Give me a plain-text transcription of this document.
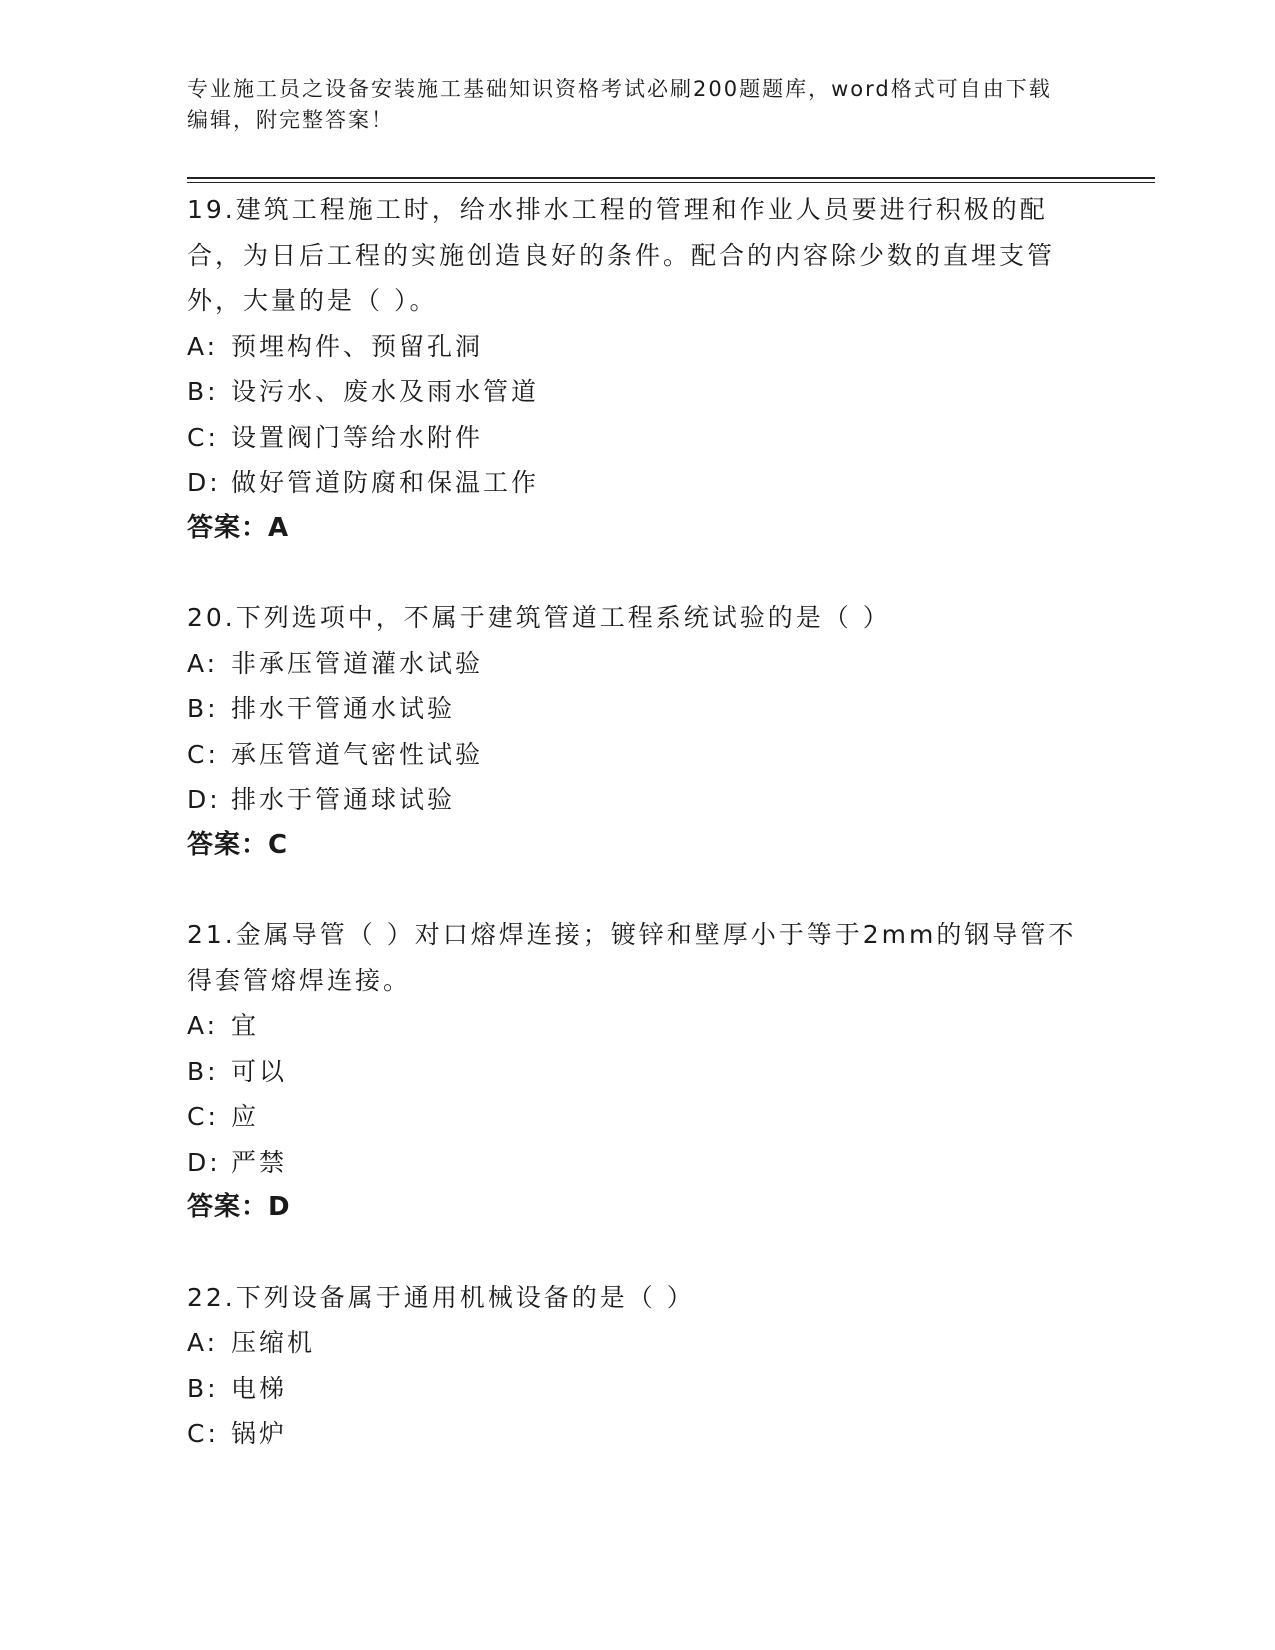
专业施工员之设备安装施工基础知识资格考试必刷200题题库，word格式可自由下载编辑，附完整答案！
19.建筑工程施工时，给水排水工程的管理和作业人员要进行积极的配合，为日后工程的实施创造良好的条件。配合的内容除少数的直埋支管外，大量的是（ ）。
A: 预埋构件、预留孔洞
B: 设污水、废水及雨水管道
C: 设置阀门等给水附件
D: 做好管道防腐和保温工作
答案：A
20.下列选项中，不属于建筑管道工程系统试验的是（ ）
A: 非承压管道灌水试验
B: 排水干管通水试验
C: 承压管道气密性试验
D: 排水于管通球试验
答案：C
21.金属导管（ ）对口熔焊连接；镀锌和壁厚小于等于2mm的钢导管不得套管熔焊连接。
A: 宜
B: 可以
C: 应
D: 严禁
答案：D
22.下列设备属于通用机械设备的是（ ）
A: 压缩机
B: 电梯
C: 锅炉
